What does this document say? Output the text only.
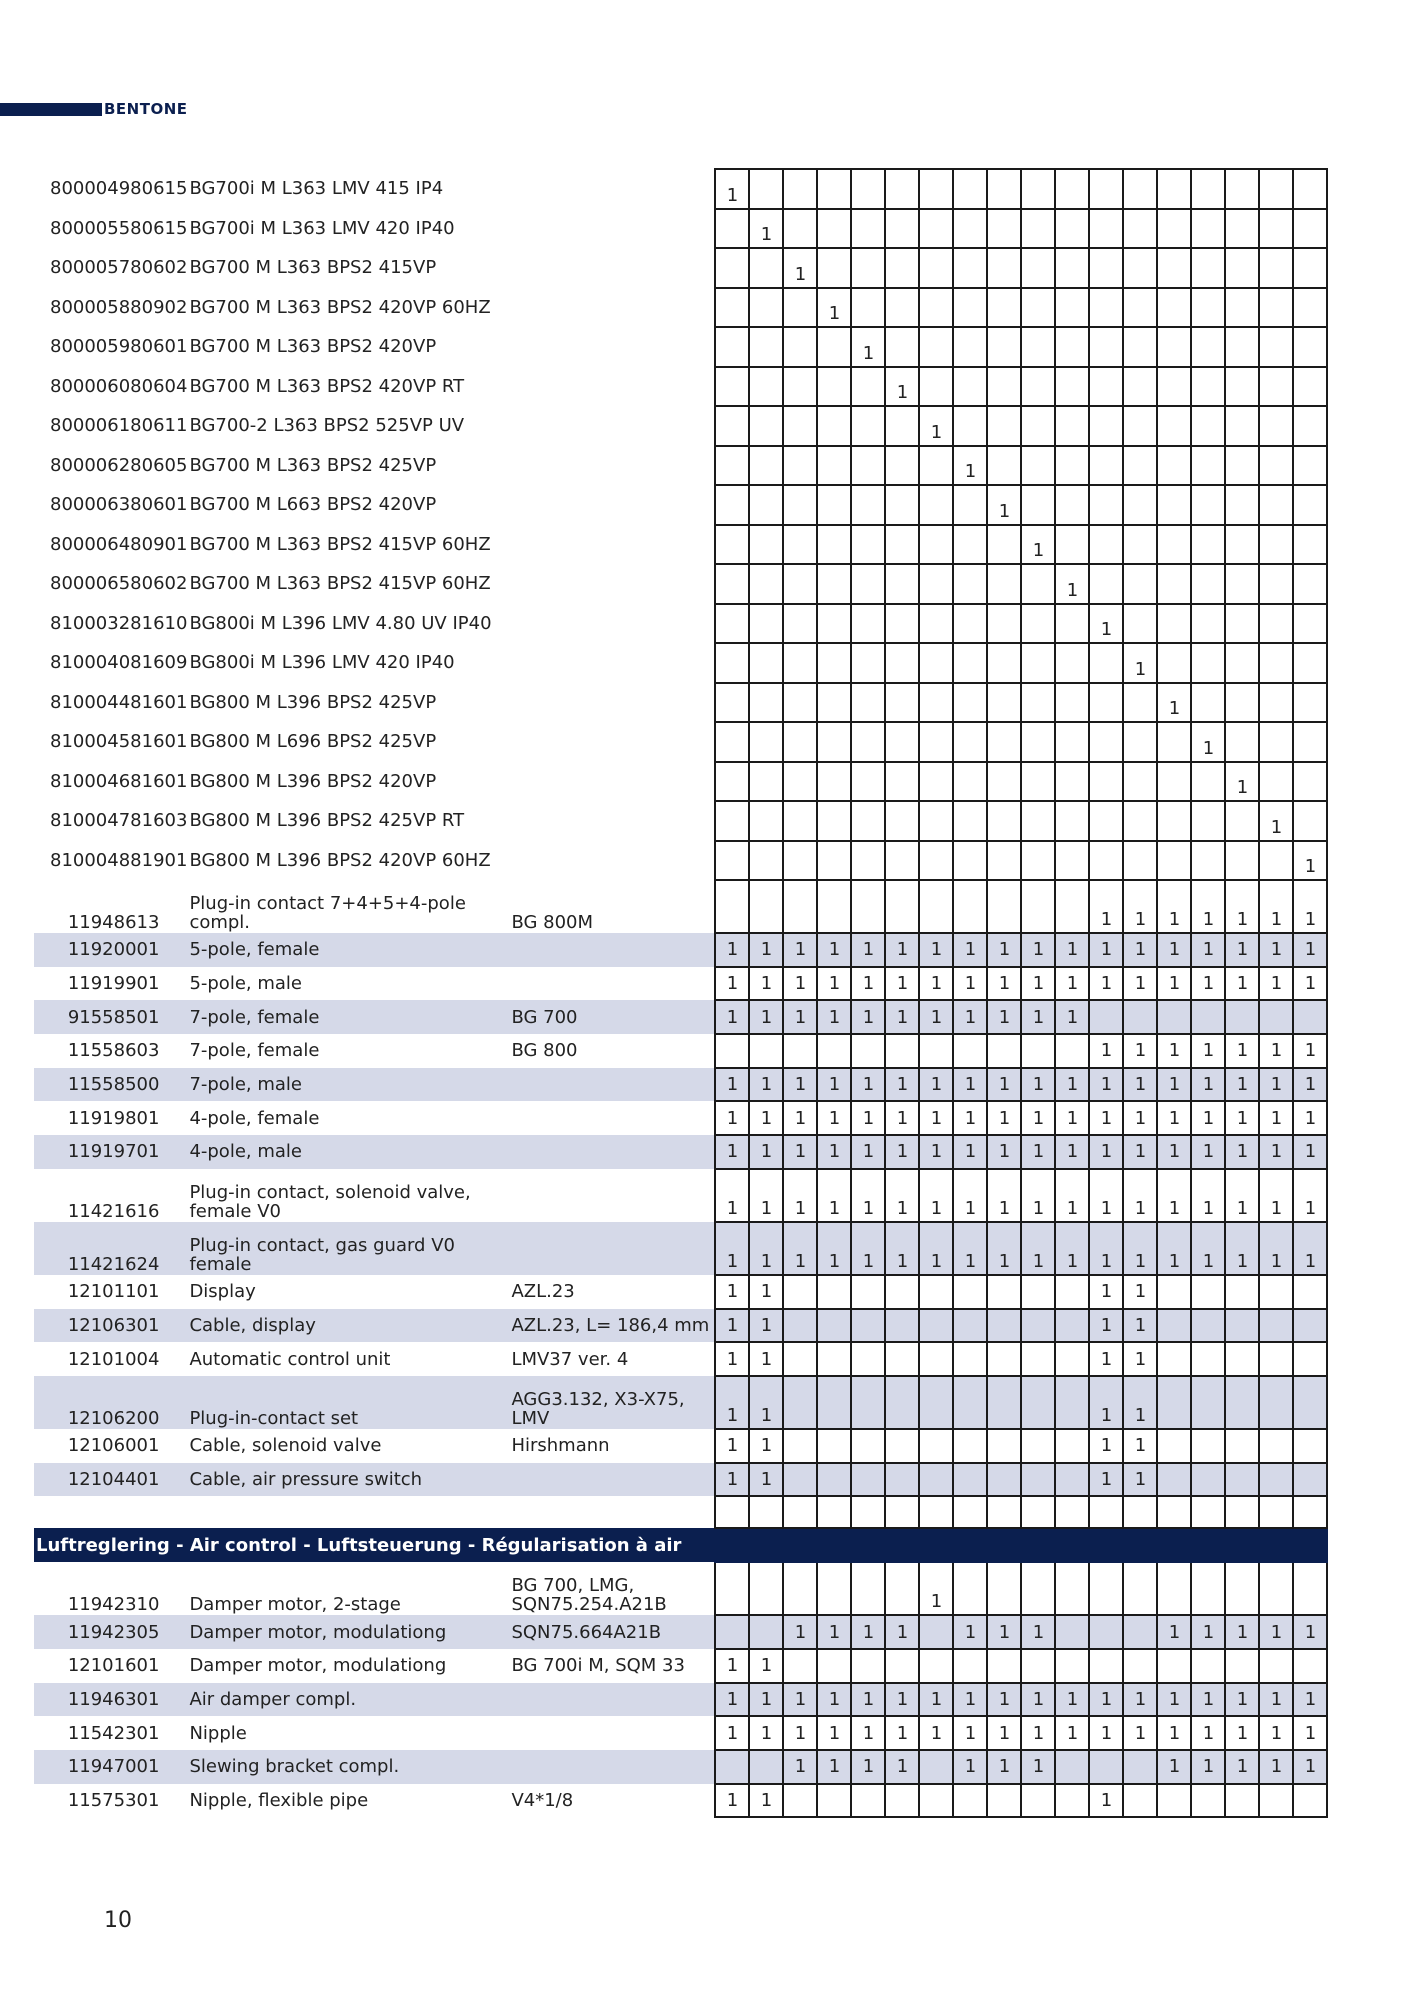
BENTONE
800004980615	BG700i M L363 LMV 415 IP4		1																	
800005580615	BG700i M L363 LMV 420 IP40			1																
800005780602	BG700 M L363 BPS2 415VP				1															
800005880902	BG700 M L363 BPS2 420VP 60HZ					1														
800005980601	BG700 M L363 BPS2 420VP						1													
800006080604	BG700 M L363 BPS2 420VP RT							1												
800006180611	BG700-2 L363 BPS2 525VP UV								1											
800006280605	BG700 M L363 BPS2 425VP									1										
800006380601	BG700 M L663 BPS2 420VP										1									
800006480901	BG700 M L363 BPS2 415VP 60HZ											1								
800006580602	BG700 M L363 BPS2 415VP 60HZ												1							
810003281610	BG800i M L396 LMV 4.80 UV IP40													1						
810004081609	BG800i M L396 LMV 420 IP40														1					
810004481601	BG800 M L396 BPS2 425VP															1				
810004581601	BG800 M L696 BPS2 425VP																1			
810004681601	BG800 M L396 BPS2 420VP																	1		
810004781603	BG800 M L396 BPS2 425VP RT																		1	
810004881901	BG800 M L396 BPS2 420VP 60HZ																			1
11948613	Plug-in contact 7+4+5+4-pole compl.	BG 800M												1	1	1	1	1	1	1
11920001	5-pole, female		1	1	1	1	1	1	1	1	1	1	1	1	1	1	1	1	1	1
11919901	5-pole, male		1	1	1	1	1	1	1	1	1	1	1	1	1	1	1	1	1	1
91558501	7-pole, female	BG 700	1	1	1	1	1	1	1	1	1	1	1							
11558603	7-pole, female	BG 800												1	1	1	1	1	1	1
11558500	7-pole, male		1	1	1	1	1	1	1	1	1	1	1	1	1	1	1	1	1	1
11919801	4-pole, female		1	1	1	1	1	1	1	1	1	1	1	1	1	1	1	1	1	1
11919701	4-pole, male		1	1	1	1	1	1	1	1	1	1	1	1	1	1	1	1	1	1
11421616	Plug-in contact, solenoid valve, female V0		1	1	1	1	1	1	1	1	1	1	1	1	1	1	1	1	1	1
11421624	Plug-in contact, gas guard V0 female		1	1	1	1	1	1	1	1	1	1	1	1	1	1	1	1	1	1
12101101	Display	AZL.23	1	1										1	1					
12106301	Cable, display	AZL.23, L= 186,4 mm	1	1										1	1					
12101004	Automatic control unit	LMV37 ver. 4	1	1										1	1					
12106200	Plug-in-contact set	AGG3.132, X3-X75, LMV	1	1										1	1					
12106001	Cable, solenoid valve	Hirshmann	1	1										1	1					
12104401	Cable, air pressure switch		1	1										1	1					

Luftreglering - Air control - Luftsteuerung - Régularisation à air																				
11942310	Damper motor, 2-stage	BG 700, LMG, SQN75.254.A21B							1											
11942305	Damper motor, modulationg	SQN75.664A21B			1	1	1	1		1	1	1				1	1	1	1	1
12101601	Damper motor, modulationg	BG 700i M, SQM 33	1	1																
11946301	Air damper compl.		1	1	1	1	1	1	1	1	1	1	1	1	1	1	1	1	1	1
11542301	Nipple		1	1	1	1	1	1	1	1	1	1	1	1	1	1	1	1	1	1
11947001	Slewing bracket compl.				1	1	1	1		1	1	1				1	1	1	1	1
11575301	Nipple, flexible pipe	V4*1/8	1	1										1						
10
